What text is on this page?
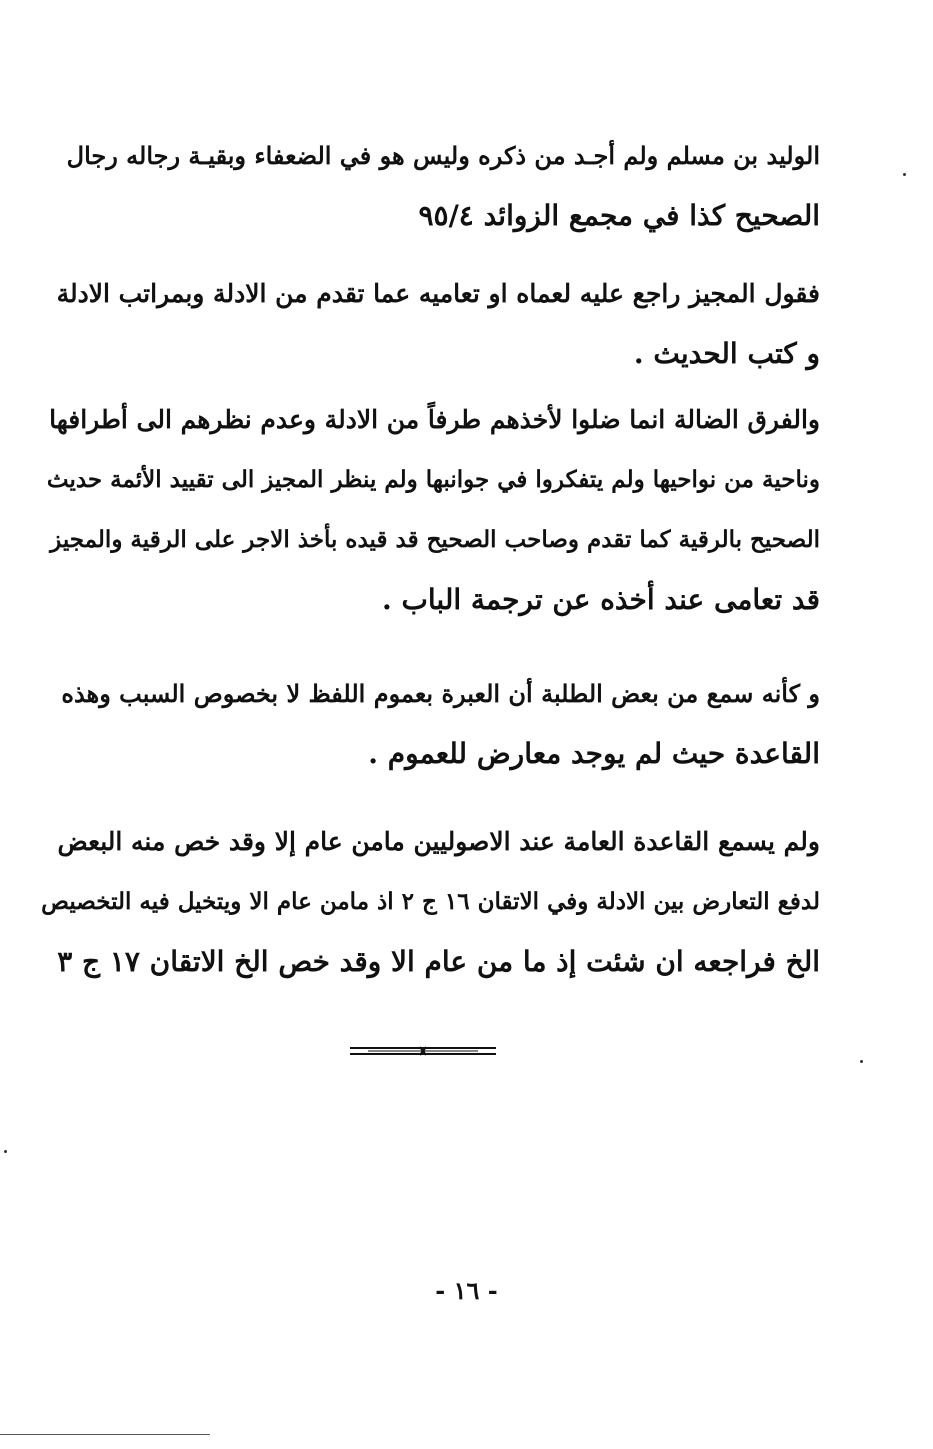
الوليد بن مسلم ولم أجـد من ذكره وليس هو في الضعفاء وبقيـة رجاله رجال
الصحيح كذا في مجمع الزوائد ٩٥/٤
فقول المجيز راجع عليه لعماه او تعاميه عما تقدم من الادلة وبمراتب الادلة
و كتب الحديث .
والفرق الضالة انما ضلوا لأخذهم طرفاً من الادلة وعدم نظرهم الى أطرافها
وناحية من نواحيها ولم يتفكروا في جوانبها ولم ينظر المجيز الى تقييد الأئمة حديث
الصحيح بالرقية كما تقدم وصاحب الصحيح قد قيده بأخذ الاجر على الرقية والمجيز
قد تعامى عند أخذه عن ترجمة الباب .
و كأنه سمع من بعض الطلبة أن العبرة بعموم اللفظ لا بخصوص السبب وهذه
القاعدة حيث لم يوجد معارض للعموم .
ولم يسمع القاعدة العامة عند الاصوليين مامن عام إلا وقد خص منه البعض
لدفع التعارض بين الادلة وفي الاتقان ١٦ ج ٢ اذ مامن عام الا ويتخيل فيه التخصيص
الخ فراجعه ان شئت إذ ما من عام الا وقد خص الخ الاتقان ١٧ ج ٣
- ١٦ -
